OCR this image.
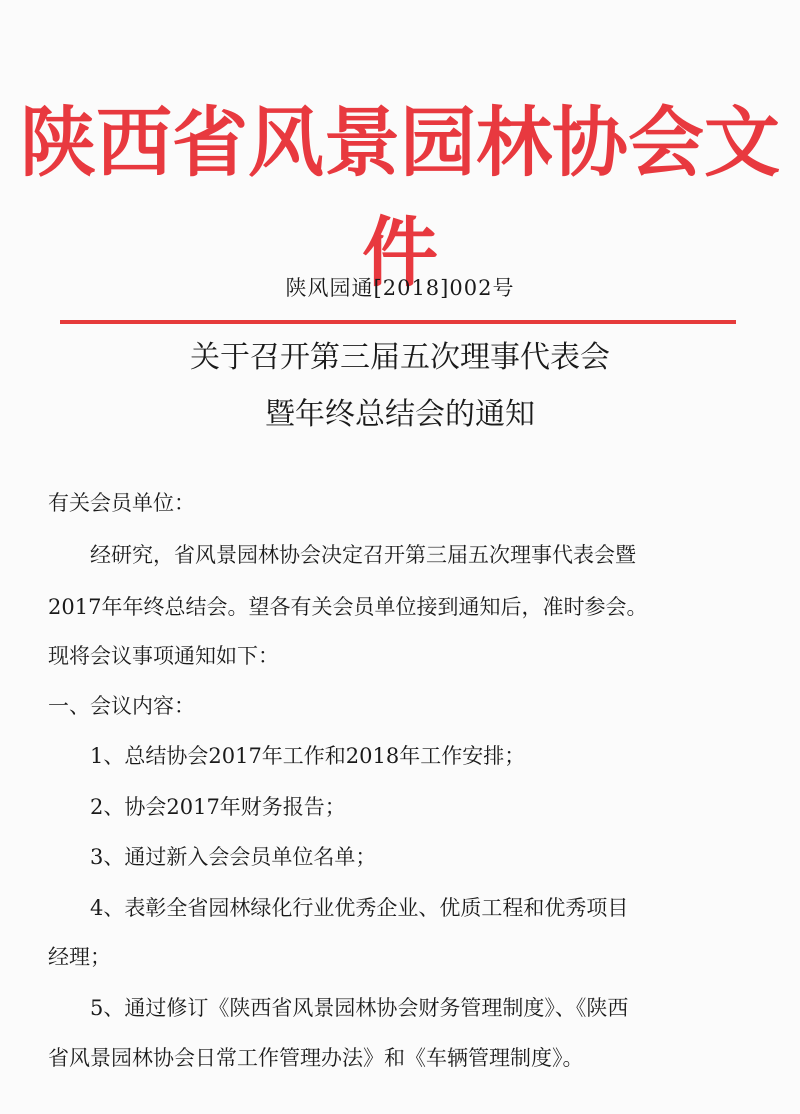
陕西省风景园林协会文件
陕风园通[2018]002号
关于召开第三届五次理事代表会
暨年终总结会的通知
有关会员单位：
经研究，省风景园林协会决定召开第三届五次理事代表会暨
2017年年终总结会。望各有关会员单位接到通知后，准时参会。
现将会议事项通知如下：
一、会议内容：
1、总结协会2017年工作和2018年工作安排；
2、协会2017年财务报告；
3、通过新入会会员单位名单；
4、表彰全省园林绿化行业优秀企业、优质工程和优秀项目
经理；
5、通过修订《陕西省风景园林协会财务管理制度》、《陕西
省风景园林协会日常工作管理办法》和《车辆管理制度》。
